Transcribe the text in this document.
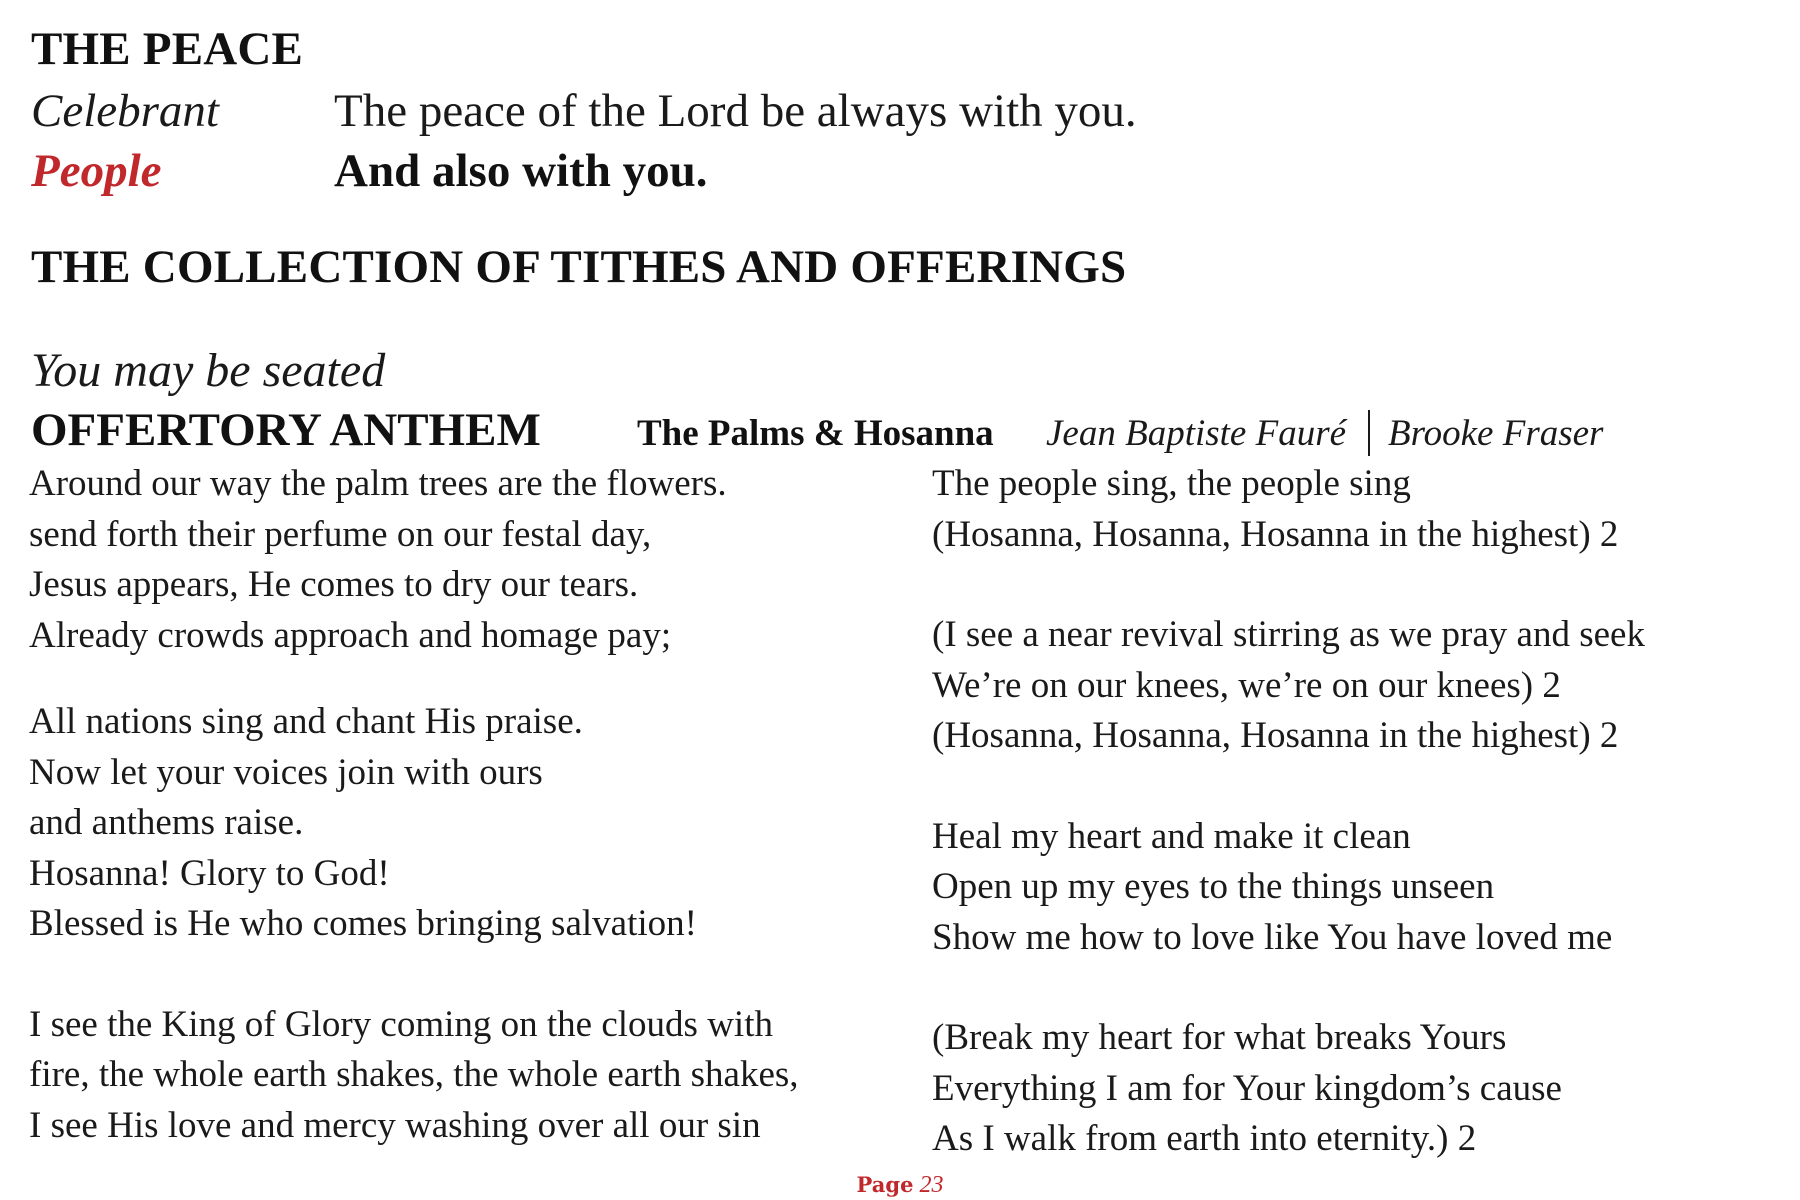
THE PEACE
Celebrant The peace of the Lord be always with you.
People	And also with you.
THE COLLECTION OF TITHES AND OFFERINGS
You may be seated
OFFERTORY ANTHEM	The Palms & Hosanna Jean Baptiste Fauré Brooke Fraser
Around our way the palm trees are the flowers.
send forth their perfume on our festal day,
Jesus appears, He comes to dry our tears.
Already crowds approach and homage pay;
All nations sing and chant His praise.
Now let your voices join with ours
and anthems raise.
Hosanna! Glory to God!
Blessed is He who comes bringing salvation!
I see the King of Glory coming on the clouds with
fire, the whole earth shakes, the whole earth shakes,
I see His love and mercy washing over all our sin
The people sing, the people sing
(Hosanna, Hosanna, Hosanna in the highest) 2
(I see a near revival stirring as we pray and seek
We’re on our knees, we’re on our knees) 2
(Hosanna, Hosanna, Hosanna in the highest) 2
Heal my heart and make it clean
Open up my eyes to the things unseen
Show me how to love like You have loved me
(Break my heart for what breaks Yours
Everything I am for Your kingdom’s cause
As I walk from earth into eternity.) 2
Page 23
